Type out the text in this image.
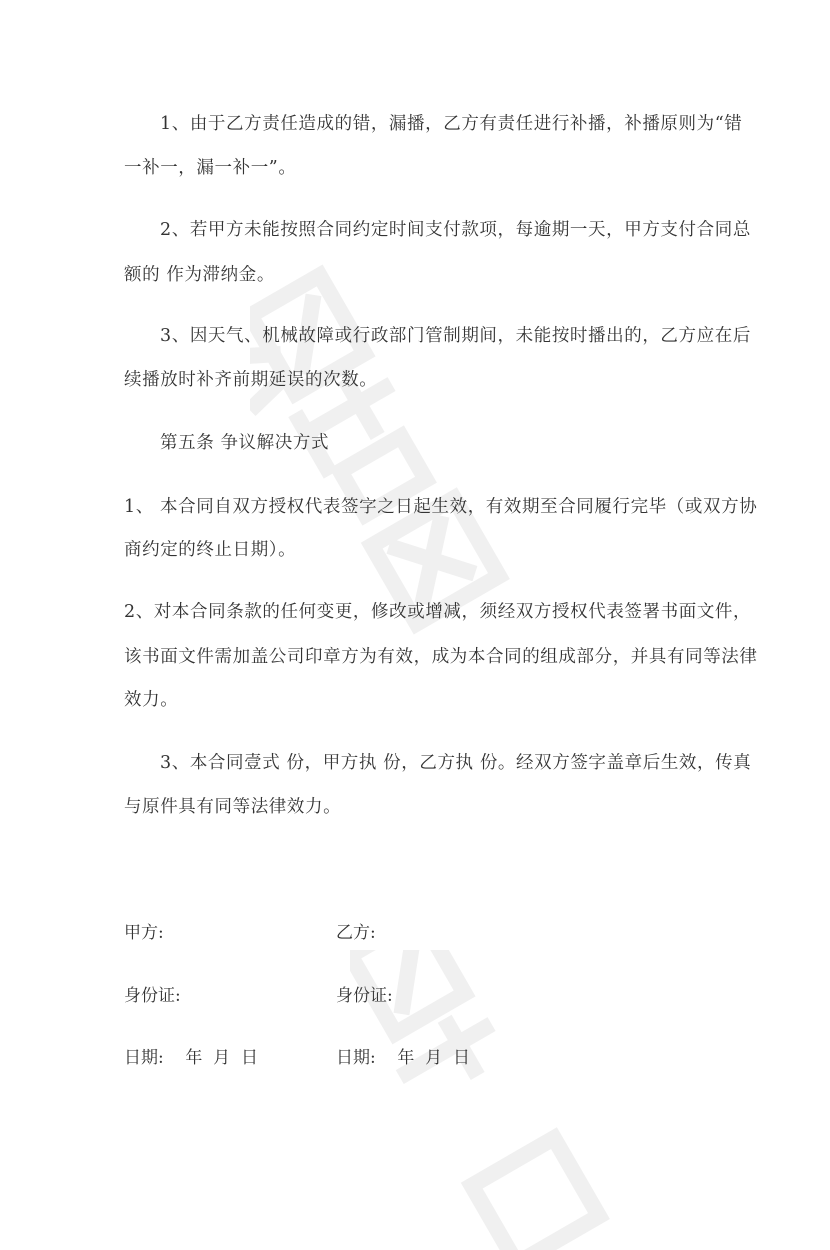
1、由于乙方责任造成的错，漏播，乙方有责任进行补播，补播原则为“错
一补一，漏一补一”。
2、若甲方未能按照合同约定时间支付款项，每逾期一天，甲方支付合同总
额的 作为滞纳金。
3、因天气、机械故障或行政部门管制期间，未能按时播出的，乙方应在后
续播放时补齐前期延误的次数。
第五条 争议解决方式
1、 本合同自双方授权代表签字之日起生效，有效期至合同履行完毕（或双方协
商约定的终止日期）。
2、对本合同条款的任何变更，修改或增减，须经双方授权代表签署书面文件，
该书面文件需加盖公司印章方为有效，成为本合同的组成部分，并具有同等法律
效力。
3、本合同壹式 份，甲方执 份，乙方执 份。经双方签字盖章后生效，传真
与原件具有同等法律效力。
甲方:	乙方:
身份证:	身份证:
日期:    年  月  日	日期:    年  月  日
